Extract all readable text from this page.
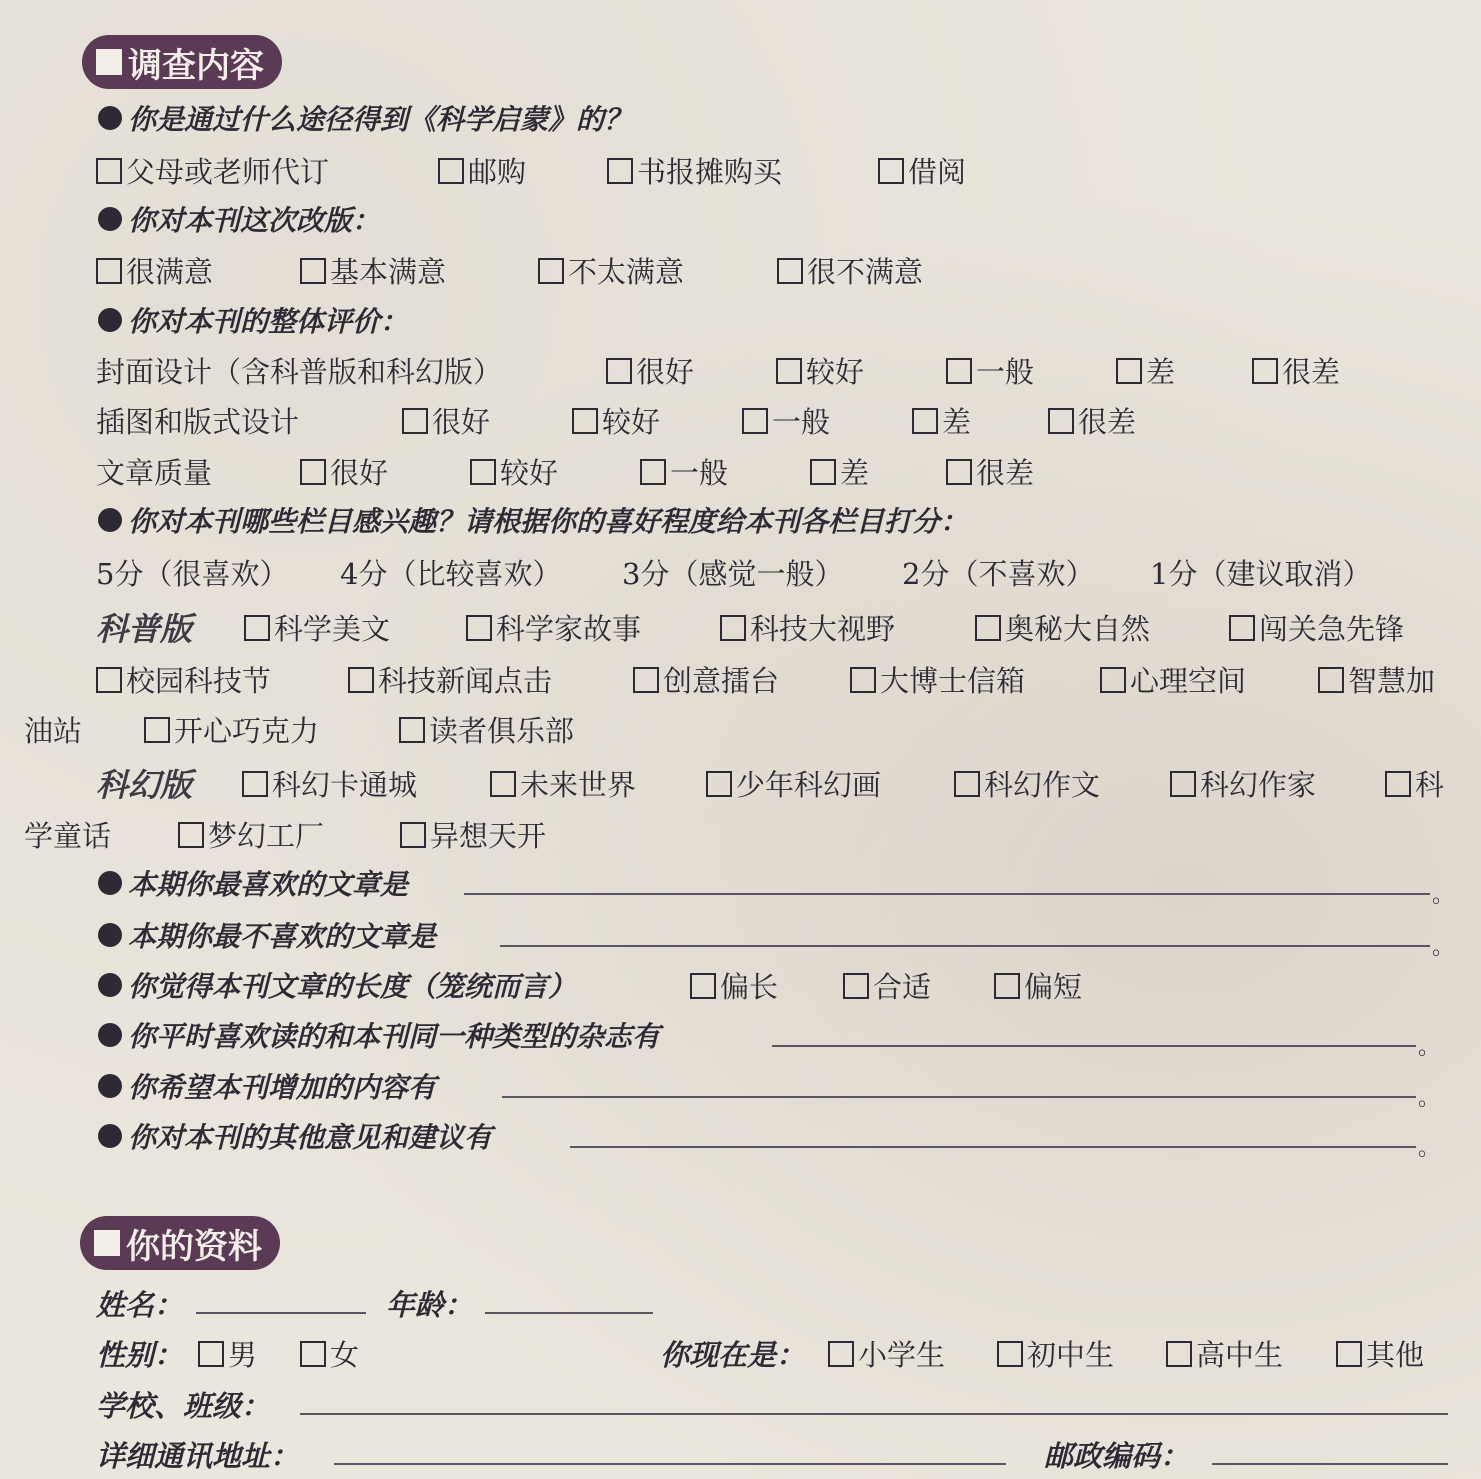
调查内容
你是通过什么途径得到《科学启蒙》的？
父母或老师代订	邮购	书报摊购买	借阅
你对本刊这次改版：
很满意	基本满意	不太满意	很不满意
你对本刊的整体评价：
封面设计（含科普版和科幻版）	很好	较好	一般	差	很差
插图和版式设计	很好	较好	一般	差	很差
文章质量	很好	较好	一般	差	很差
你对本刊哪些栏目感兴趣？请根据你的喜好程度给本刊各栏目打分：
5分（很喜欢） 4分（比较喜欢） 3分（感觉一般） 2分（不喜欢） 1分（建议取消）
科普版	科学美文	科学家故事	科技大视野	奥秘大自然	闯关急先锋
校园科技节	科技新闻点击	创意擂台	大博士信箱	心理空间	智慧加
油站	开心巧克力	读者俱乐部
科幻版	科幻卡通城	未来世界	少年科幻画	科幻作文	科幻作家	科
学童话	梦幻工厂	异想天开
本期你最喜欢的文章是	。
本期你最不喜欢的文章是	。
你觉得本刊文章的长度（笼统而言）	偏长	合适	偏短
你平时喜欢读的和本刊同一种类型的杂志有	。
你希望本刊增加的内容有	。
你对本刊的其他意见和建议有	。
你的资料
姓名：	年龄：
性别： 男	女	你现在是： 小学生	初中生	高中生	其他
学校、班级：
详细通讯地址：	邮政编码：
